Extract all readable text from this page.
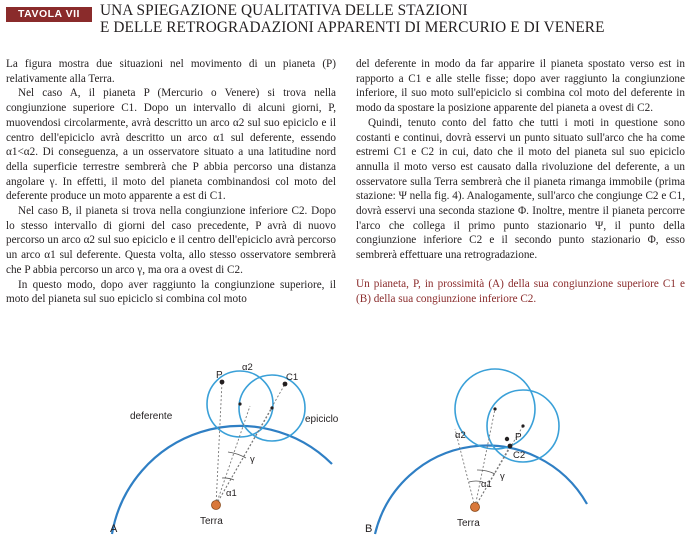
TAVOLA VII	UNA SPIEGAZIONE QUALITATIVA DELLE STAZIONI
E DELLE RETROGRADAZIONI APPARENTI DI MERCURIO E DI VENERE

La figura mostra due situazioni nel movimento di un pianeta (P) relativamente alla Terra.

Nel caso A, il pianeta P (Mercurio o Venere) si trova nella congiunzione superiore C1. Dopo un intervallo di alcuni giorni, P, muovendosi circolarmente, avrà descritto un arco α2 sul suo epiciclo e il centro dell'epiciclo avrà descritto un arco α1 sul deferente, essendo α1<α2. Di conseguenza, a un osservatore situato a una latitudine nord della superficie terrestre sembrerà che P abbia percorso una distanza angolare γ. In effetti, il moto del pianeta combinandosi col moto del deferente produce un moto apparente a est di C1.

Nel caso B, il pianeta si trova nella congiunzione inferiore C2. Dopo lo stesso intervallo di giorni del caso precedente, P avrà di nuovo percorso un arco α2 sul suo epiciclo e il centro dell'epiciclo avrà percorso un arco α1 sul deferente. Questa volta, allo stesso osservatore sembrerà che P abbia percorso un arco γ, ma ora a ovest di C2.

In questo modo, dopo aver raggiunto la congiunzione superiore, il moto del pianeta sul suo epiciclo si combina col moto

del deferente in modo da far apparire il pianeta spostato verso est in rapporto a C1 e alle stelle fisse; dopo aver raggiunto la congiunzione inferiore, il suo moto sull'epiciclo si combina col moto del deferente in modo da spostare la posizione apparente del pianeta a ovest di C2.

Quindi, tenuto conto del fatto che tutti i moti in questione sono costanti e continui, dovrà esservi un punto situato sull'arco che ha come estremi C1 e C2 in cui, dato che il moto del pianeta sul suo epiciclo annulla il moto verso est causato dalla rivoluzione del deferente, a un osservatore sulla Terra sembrerà che il pianeta rimanga immobile (prima stazione: Ψ nella fig. 4). Analogamente, sull'arco che congiunge C2 e C1, dovrà esservi una seconda stazione Φ. Inoltre, mentre il pianeta percorre l'arco che collega il primo punto stazionario Ψ, il punto della congiunzione inferiore C2 e il secondo punto stazionario Φ, esso sembrerà effettuare una retrogradazione.

Un pianeta, P, in prossimità (A) della sua congiunzione superiore C1 e (B) della sua congiunzione inferiore C2.

deferente	epiciclo
P	C1
α2
γ
α1
Terra
A
P
C2
α2
γ
α1
Terra
B
